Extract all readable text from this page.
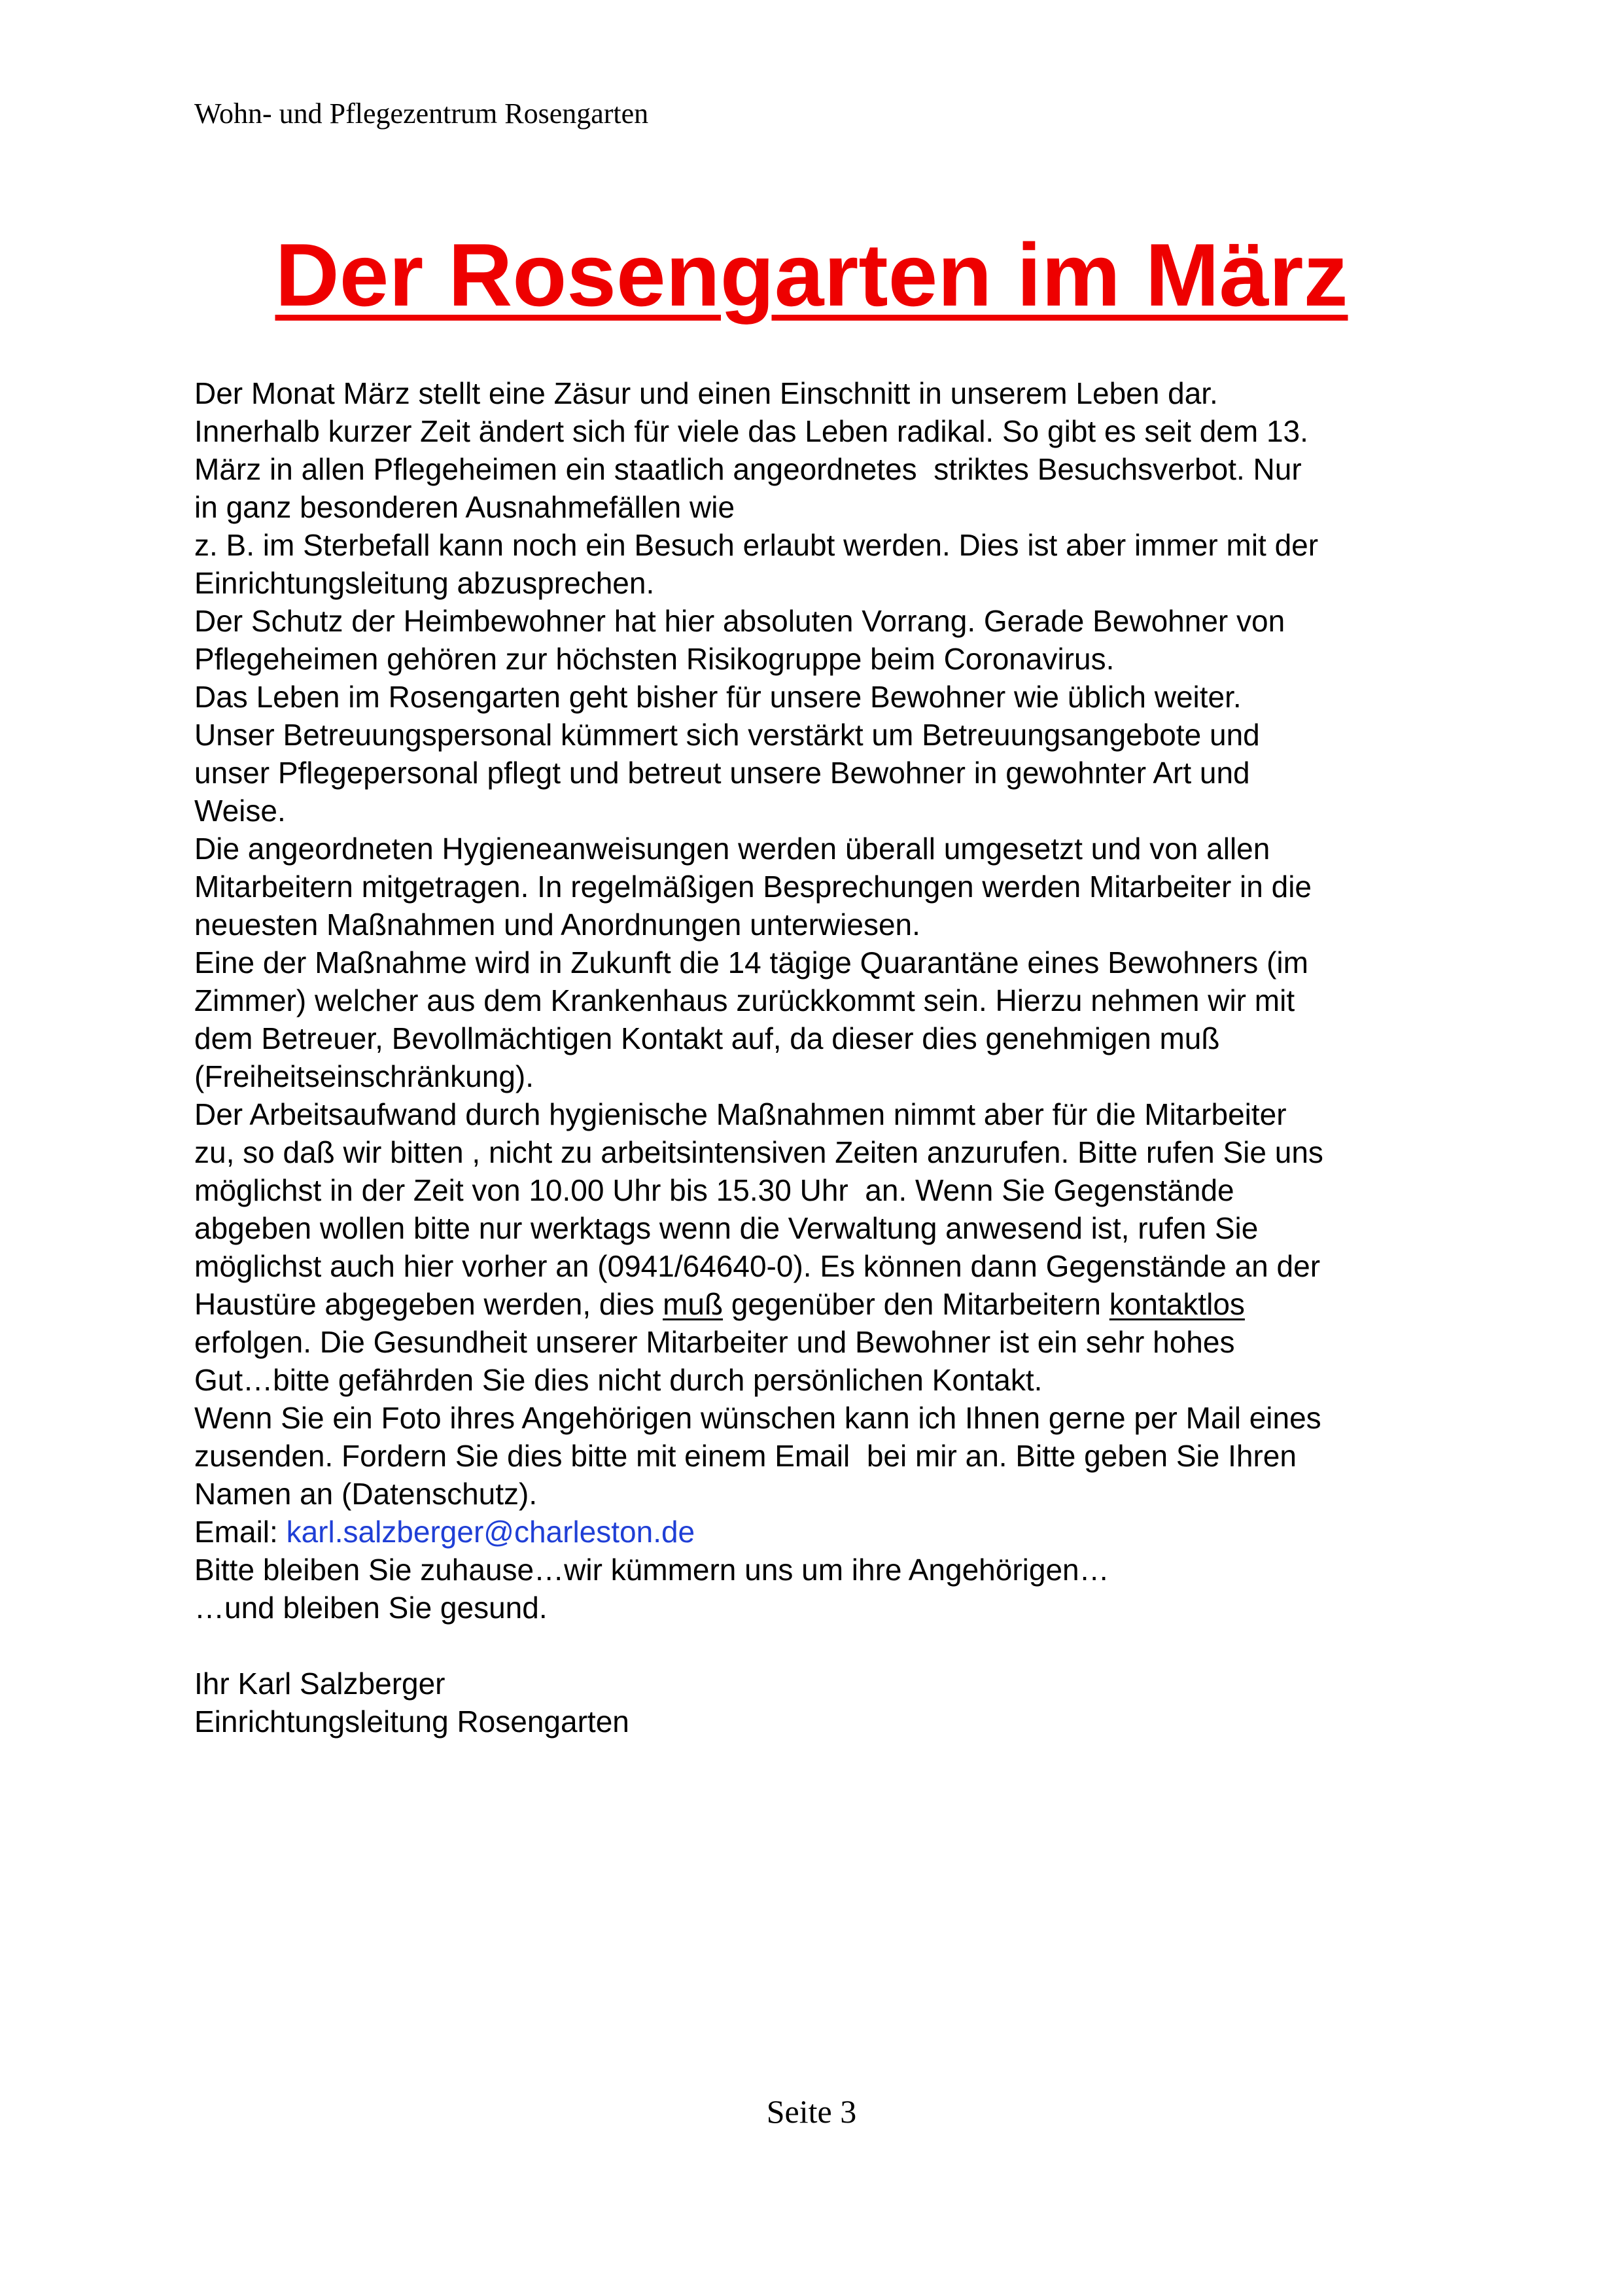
Wohn- und Pflegezentrum Rosengarten
Der Rosengarten im März
Der Monat März stellt eine Zäsur und einen Einschnitt in unserem Leben dar.
Innerhalb kurzer Zeit ändert sich für viele das Leben radikal. So gibt es seit dem 13.
März in allen Pflegeheimen ein staatlich angeordnetes  striktes Besuchsverbot. Nur
in ganz besonderen Ausnahmefällen wie
z. B. im Sterbefall kann noch ein Besuch erlaubt werden. Dies ist aber immer mit der
Einrichtungsleitung abzusprechen.
Der Schutz der Heimbewohner hat hier absoluten Vorrang. Gerade Bewohner von
Pflegeheimen gehören zur höchsten Risikogruppe beim Coronavirus.
Das Leben im Rosengarten geht bisher für unsere Bewohner wie üblich weiter.
Unser Betreuungspersonal kümmert sich verstärkt um Betreuungsangebote und
unser Pflegepersonal pflegt und betreut unsere Bewohner in gewohnter Art und
Weise.
Die angeordneten Hygieneanweisungen werden überall umgesetzt und von allen
Mitarbeitern mitgetragen. In regelmäßigen Besprechungen werden Mitarbeiter in die
neuesten Maßnahmen und Anordnungen unterwiesen.
Eine der Maßnahme wird in Zukunft die 14 tägige Quarantäne eines Bewohners (im
Zimmer) welcher aus dem Krankenhaus zurückkommt sein. Hierzu nehmen wir mit
dem Betreuer, Bevollmächtigen Kontakt auf, da dieser dies genehmigen muß
(Freiheitseinschränkung).
Der Arbeitsaufwand durch hygienische Maßnahmen nimmt aber für die Mitarbeiter
zu, so daß wir bitten , nicht zu arbeitsintensiven Zeiten anzurufen. Bitte rufen Sie uns
möglichst in der Zeit von 10.00 Uhr bis 15.30 Uhr  an. Wenn Sie Gegenstände
abgeben wollen bitte nur werktags wenn die Verwaltung anwesend ist, rufen Sie
möglichst auch hier vorher an (0941/64640-0). Es können dann Gegenstände an der
Haustüre abgegeben werden, dies muß gegenüber den Mitarbeitern kontaktlos
erfolgen. Die Gesundheit unserer Mitarbeiter und Bewohner ist ein sehr hohes
Gut…bitte gefährden Sie dies nicht durch persönlichen Kontakt.
Wenn Sie ein Foto ihres Angehörigen wünschen kann ich Ihnen gerne per Mail eines
zusenden. Fordern Sie dies bitte mit einem Email  bei mir an. Bitte geben Sie Ihren
Namen an (Datenschutz).
Email: karl.salzberger@charleston.de
Bitte bleiben Sie zuhause…wir kümmern uns um ihre Angehörigen…
…und bleiben Sie gesund.
Ihr Karl Salzberger
Einrichtungsleitung Rosengarten
Seite 3
